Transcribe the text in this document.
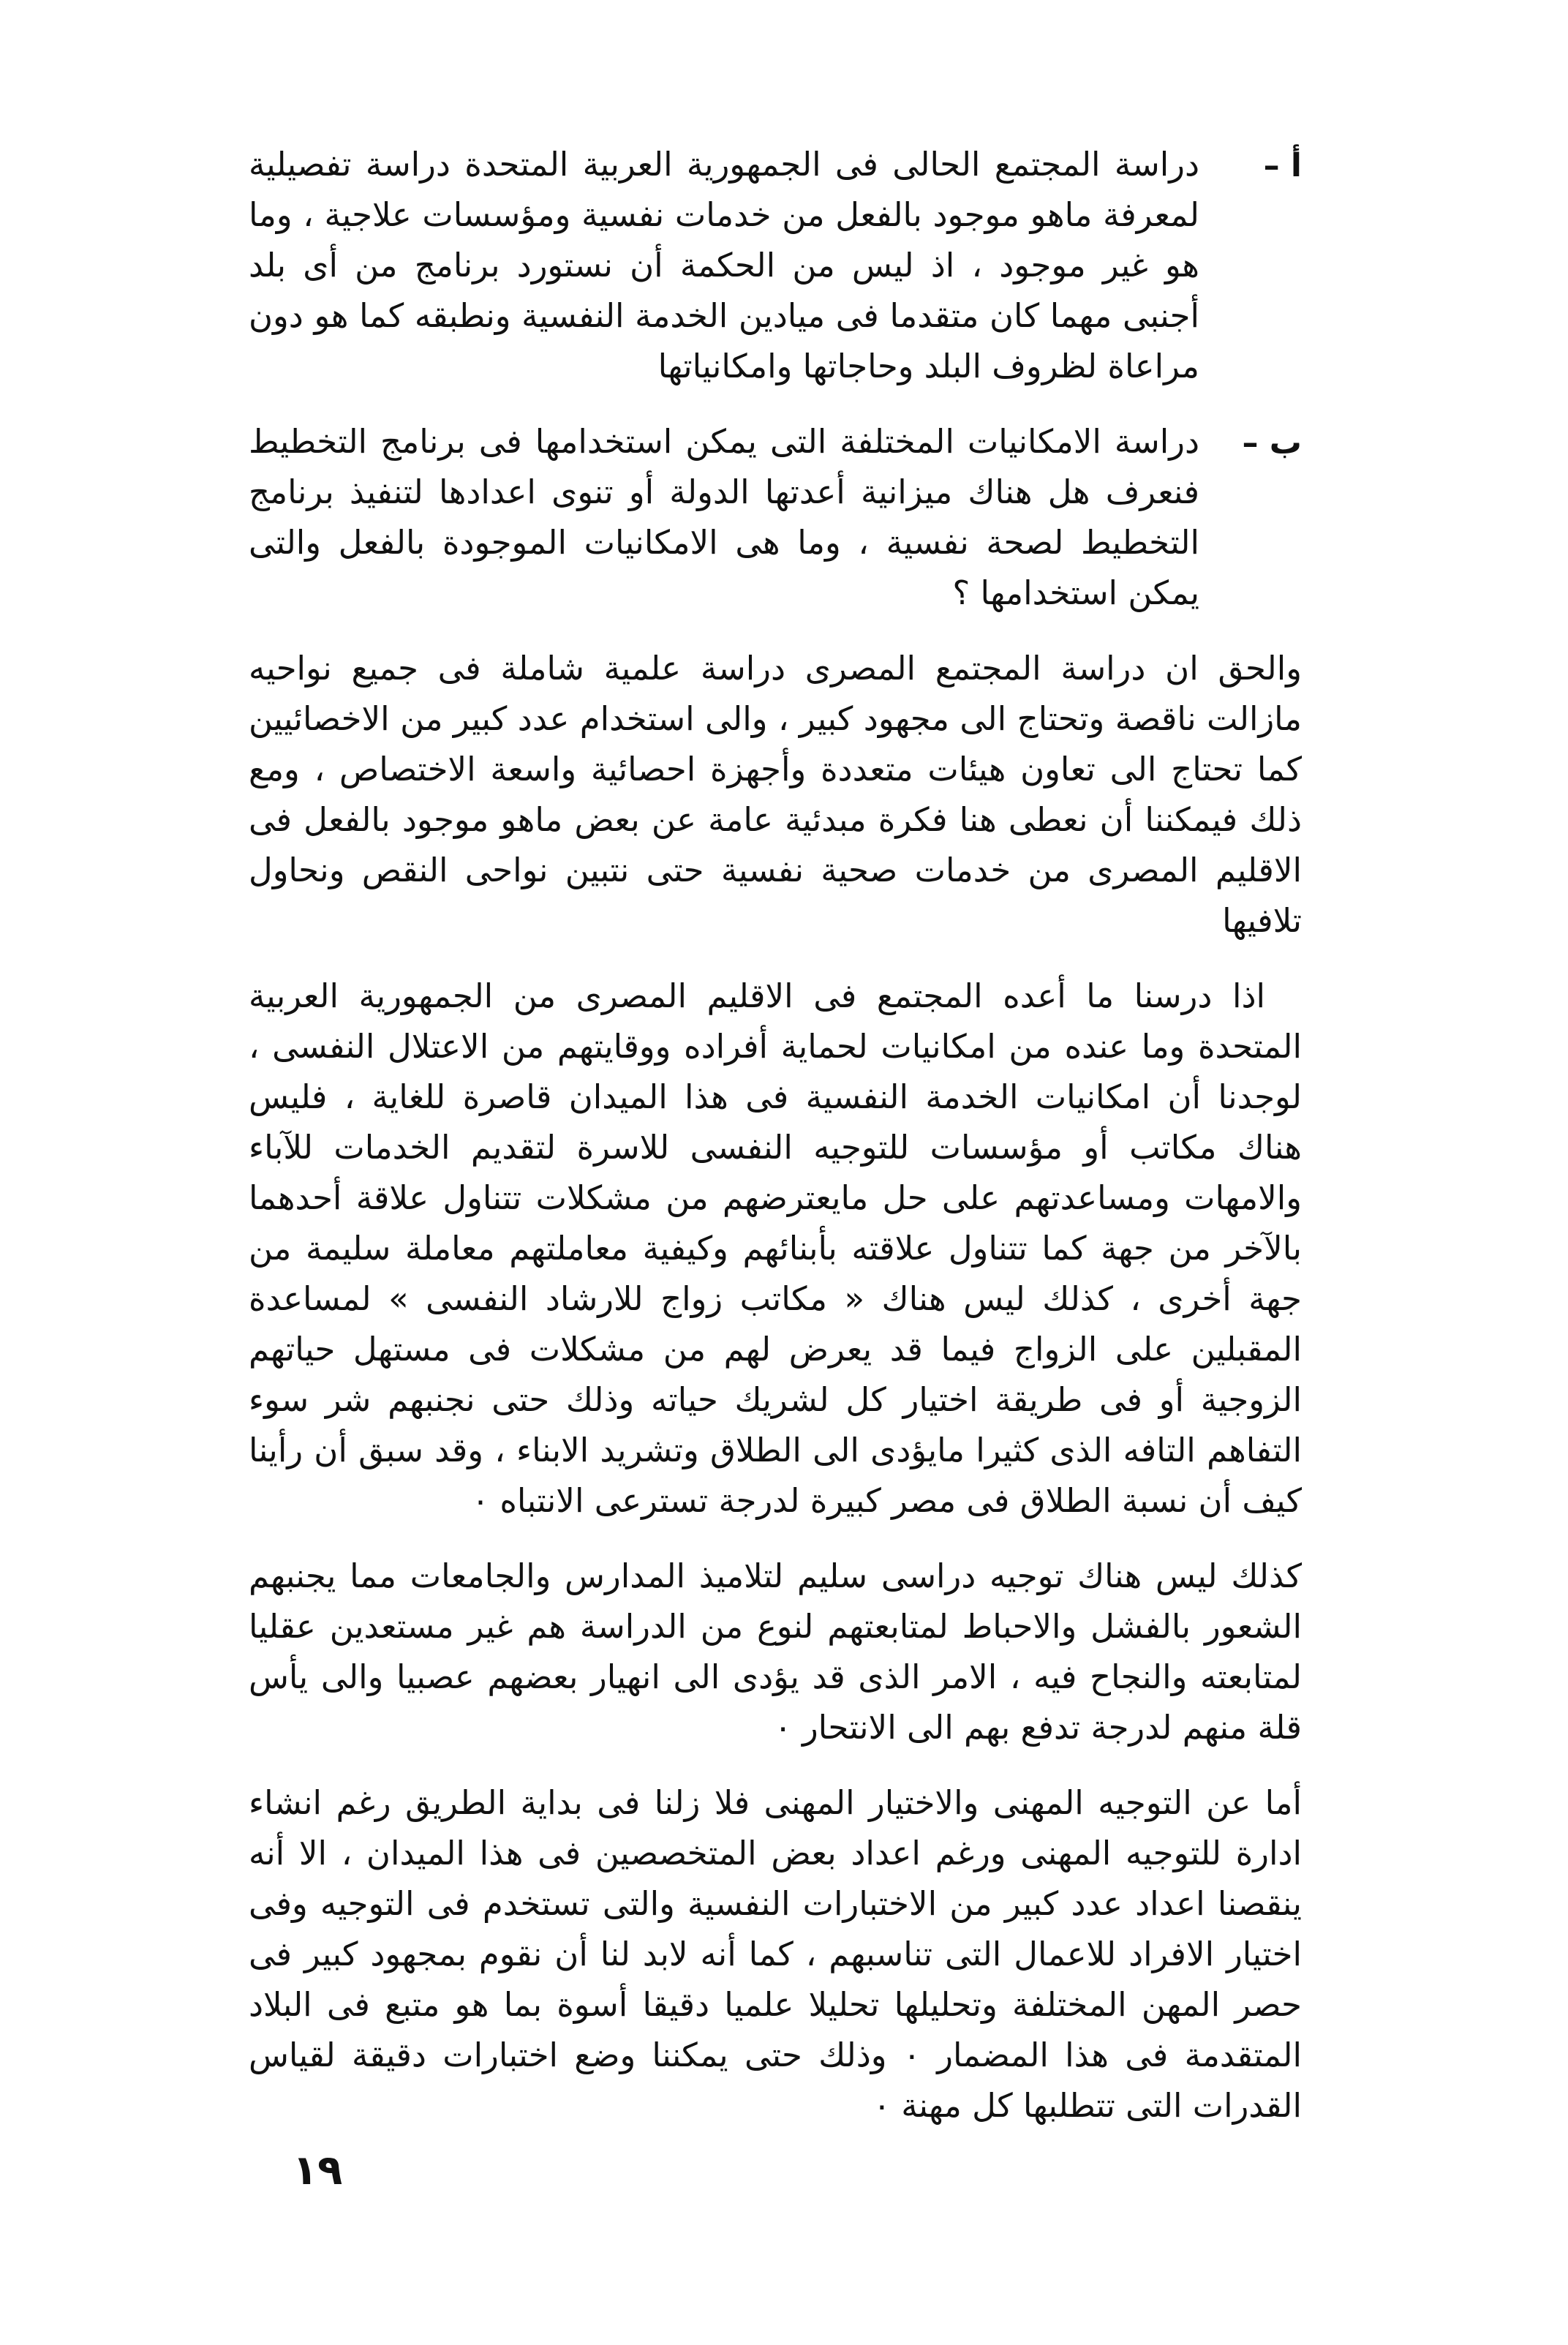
أ –
دراسة المجتمع الحالى فى الجمهورية العربية المتحدة دراسة تفصيلية لمعرفة ماهو موجود بالفعل من خدمات نفسية ومؤسسات علاجية ، وما هو غير موجود ، اذ ليس من الحكمة أن نستورد برنامج من أى بلد أجنبى مهما كان متقدما فى ميادين الخدمة النفسية ونطبقه كما هو دون مراعاة لظروف البلد وحاجاتها وامكانياتها
ب –
دراسة الامكانيات المختلفة التى يمكن استخدامها فى برنامج التخطيط فنعرف هل هناك ميزانية أعدتها الدولة أو تنوى اعدادها لتنفيذ برنامج التخطيط لصحة نفسية ، وما هى الامكانيات الموجودة بالفعل والتى يمكن استخدامها ؟

والحق ان دراسة المجتمع المصرى دراسة علمية شاملة فى جميع نواحيه مازالت ناقصة وتحتاج الى مجهود كبير ، والى استخدام عدد كبير من الاخصائيين كما تحتاج الى تعاون هيئات متعددة وأجهزة احصائية واسعة الاختصاص ، ومع ذلك فيمكننا أن نعطى هنا فكرة مبدئية عامة عن بعض ماهو موجود بالفعل فى الاقليم المصرى من خدمات صحية نفسية حتى نتبين نواحى النقص ونحاول تلافيها

اذا درسنا ما أعده المجتمع فى الاقليم المصرى من الجمهورية العربية المتحدة وما عنده من امكانيات لحماية أفراده ووقايتهم من الاعتلال النفسى ، لوجدنا أن امكانيات الخدمة النفسية فى هذا الميدان قاصرة للغاية ، فليس هناك مكاتب أو مؤسسات للتوجيه النفسى للاسرة لتقديم الخدمات للآباء والامهات ومساعدتهم على حل مايعترضهم من مشكلات تتناول علاقة أحدهما بالآخر من جهة كما تتناول علاقته بأبنائهم وكيفية معاملتهم معاملة سليمة من جهة أخرى ، كذلك ليس هناك « مكاتب زواج للارشاد النفسى » لمساعدة المقبلين على الزواج فيما قد يعرض لهم من مشكلات فى مستهل حياتهم الزوجية أو فى طريقة اختيار كل لشريك حياته وذلك حتى نجنبهم شر سوء التفاهم التافه الذى كثيرا مايؤدى الى الطلاق وتشريد الابناء ، وقد سبق أن رأينا كيف أن نسبة الطلاق فى مصر كبيرة لدرجة تسترعى الانتباه ٠

كذلك ليس هناك توجيه دراسى سليم لتلاميذ المدارس والجامعات مما يجنبهم الشعور بالفشل والاحباط لمتابعتهم لنوع من الدراسة هم غير مستعدين عقليا لمتابعته والنجاح فيه ، الامر الذى قد يؤدى الى انهيار بعضهم عصبيا والى يأس قلة منهم لدرجة تدفع بهم الى الانتحار ٠

أما عن التوجيه المهنى والاختيار المهنى فلا زلنا فى بداية الطريق رغم انشاء ادارة للتوجيه المهنى ورغم اعداد بعض المتخصصين فى هذا الميدان ، الا أنه ينقصنا اعداد عدد كبير من الاختبارات النفسية والتى تستخدم فى التوجيه وفى اختيار الافراد للاعمال التى تناسبهم ، كما أنه لابد لنا أن نقوم بمجهود كبير فى حصر المهن المختلفة وتحليلها تحليلا علميا دقيقا أسوة بما هو متبع فى البلاد المتقدمة فى هذا المضمار ٠ وذلك حتى يمكننا وضع اختبارات دقيقة لقياس القدرات التى تتطلبها كل مهنة ٠

١٩
